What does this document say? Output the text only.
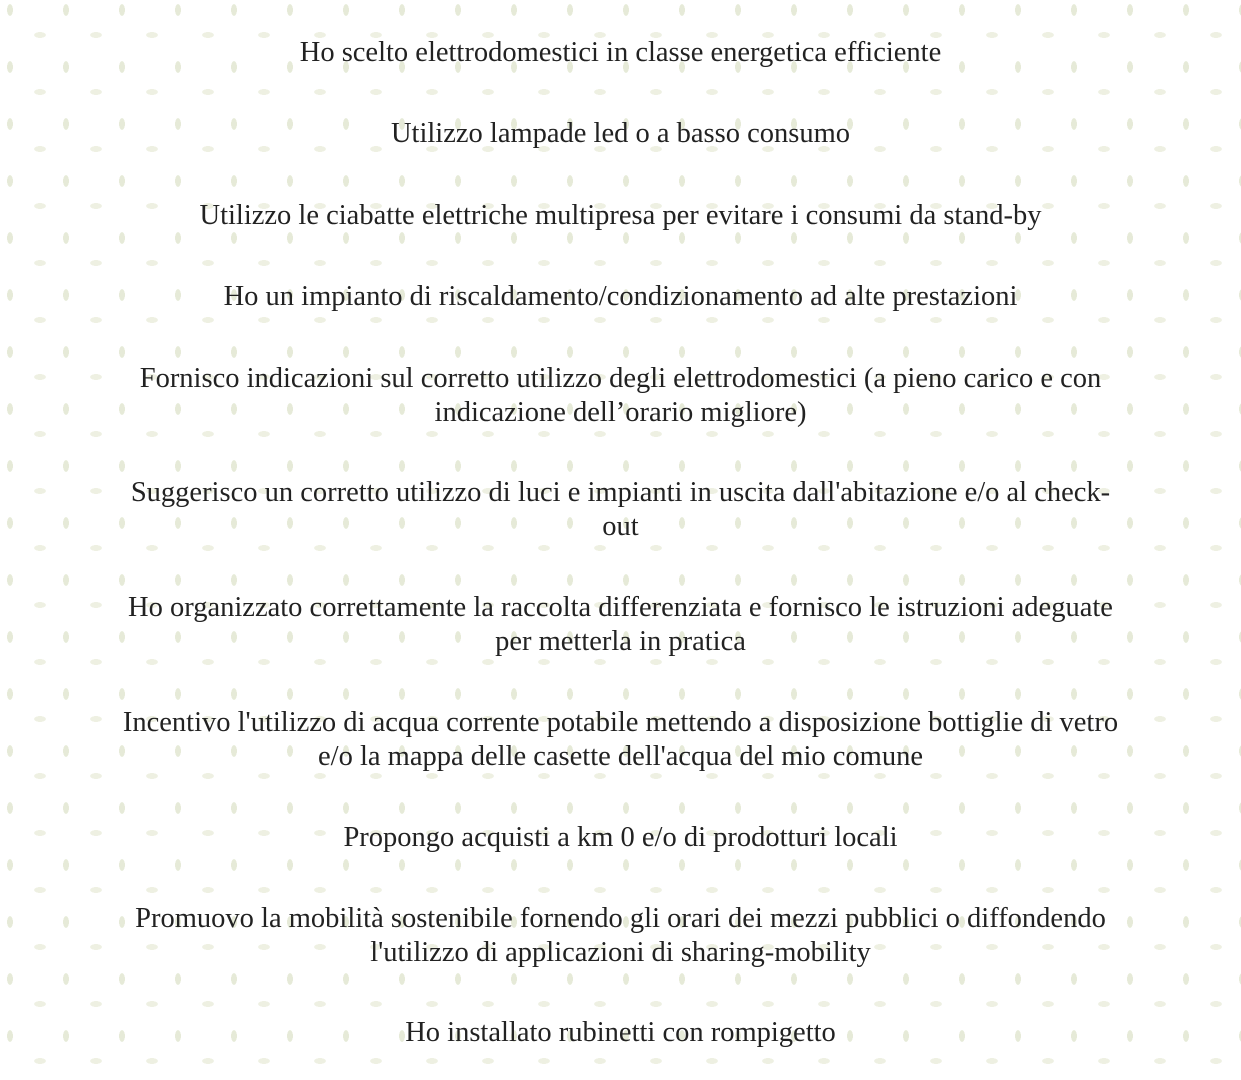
Ho scelto elettrodomestici in classe energetica efficiente

Utilizzo lampade led o a basso consumo

Utilizzo le ciabatte elettriche multipresa per evitare i consumi da stand-by

Ho un impianto di riscaldamento/condizionamento ad alte prestazioni

Fornisco indicazioni sul corretto utilizzo degli elettrodomestici (a pieno carico e con indicazione dell’orario migliore)

Suggerisco un corretto utilizzo di luci e impianti in uscita dall'abitazione e/o al check-out

Ho organizzato correttamente la raccolta differenziata e fornisco le istruzioni adeguate per metterla in pratica

Incentivo l'utilizzo di acqua corrente potabile mettendo a disposizione bottiglie di vetro e/o la mappa delle casette dell'acqua del mio comune

Propongo acquisti a km 0 e/o di prodotturi locali

Promuovo la mobilità sostenibile fornendo gli orari dei mezzi pubblici o diffondendo l'utilizzo di applicazioni di sharing-mobility

Ho installato rubinetti con rompigetto
